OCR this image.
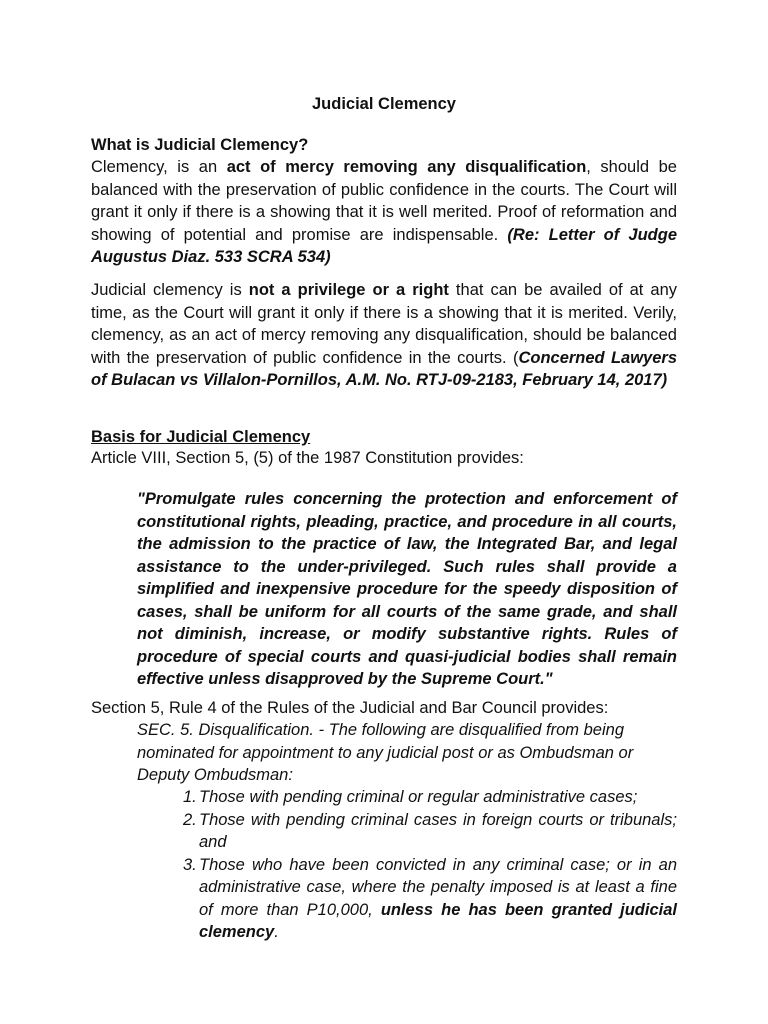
Judicial Clemency

What is Judicial Clemency?

Clemency, is an act of mercy removing any disqualification, should be balanced with the preservation of public confidence in the courts. The Court will grant it only if there is a showing that it is well merited. Proof of reformation and showing of potential and promise are indispensable. (Re: Letter of Judge Augustus Diaz. 533 SCRA 534)

Judicial clemency is not a privilege or a right that can be availed of at any time, as the Court will grant it only if there is a showing that it is merited. Verily, clemency, as an act of mercy removing any disqualification, should be balanced with the preservation of public confidence in the courts. (Concerned Lawyers of Bulacan vs Villalon-Pornillos, A.M. No. RTJ-09-2183, February 14, 2017)

Basis for Judicial Clemency

Article VIII, Section 5, (5) of the 1987 Constitution provides:

"Promulgate rules concerning the protection and enforcement of constitutional rights, pleading, practice, and procedure in all courts, the admission to the practice of law, the Integrated Bar, and legal assistance to the under-privileged. Such rules shall provide a simplified and inexpensive procedure for the speedy disposition of cases, shall be uniform for all courts of the same grade, and shall not diminish, increase, or modify substantive rights. Rules of procedure of special courts and quasi-judicial bodies shall remain effective unless disapproved by the Supreme Court."

Section 5, Rule 4 of the Rules of the Judicial and Bar Council provides:

SEC. 5. Disqualification. - The following are disqualified from being nominated for appointment to any judicial post or as Ombudsman or Deputy Ombudsman:

1. Those with pending criminal or regular administrative cases;
2. Those with pending criminal cases in foreign courts or tribunals; and
3. Those who have been convicted in any criminal case; or in an administrative case, where the penalty imposed is at least a fine of more than P10,000, unless he has been granted judicial clemency.
